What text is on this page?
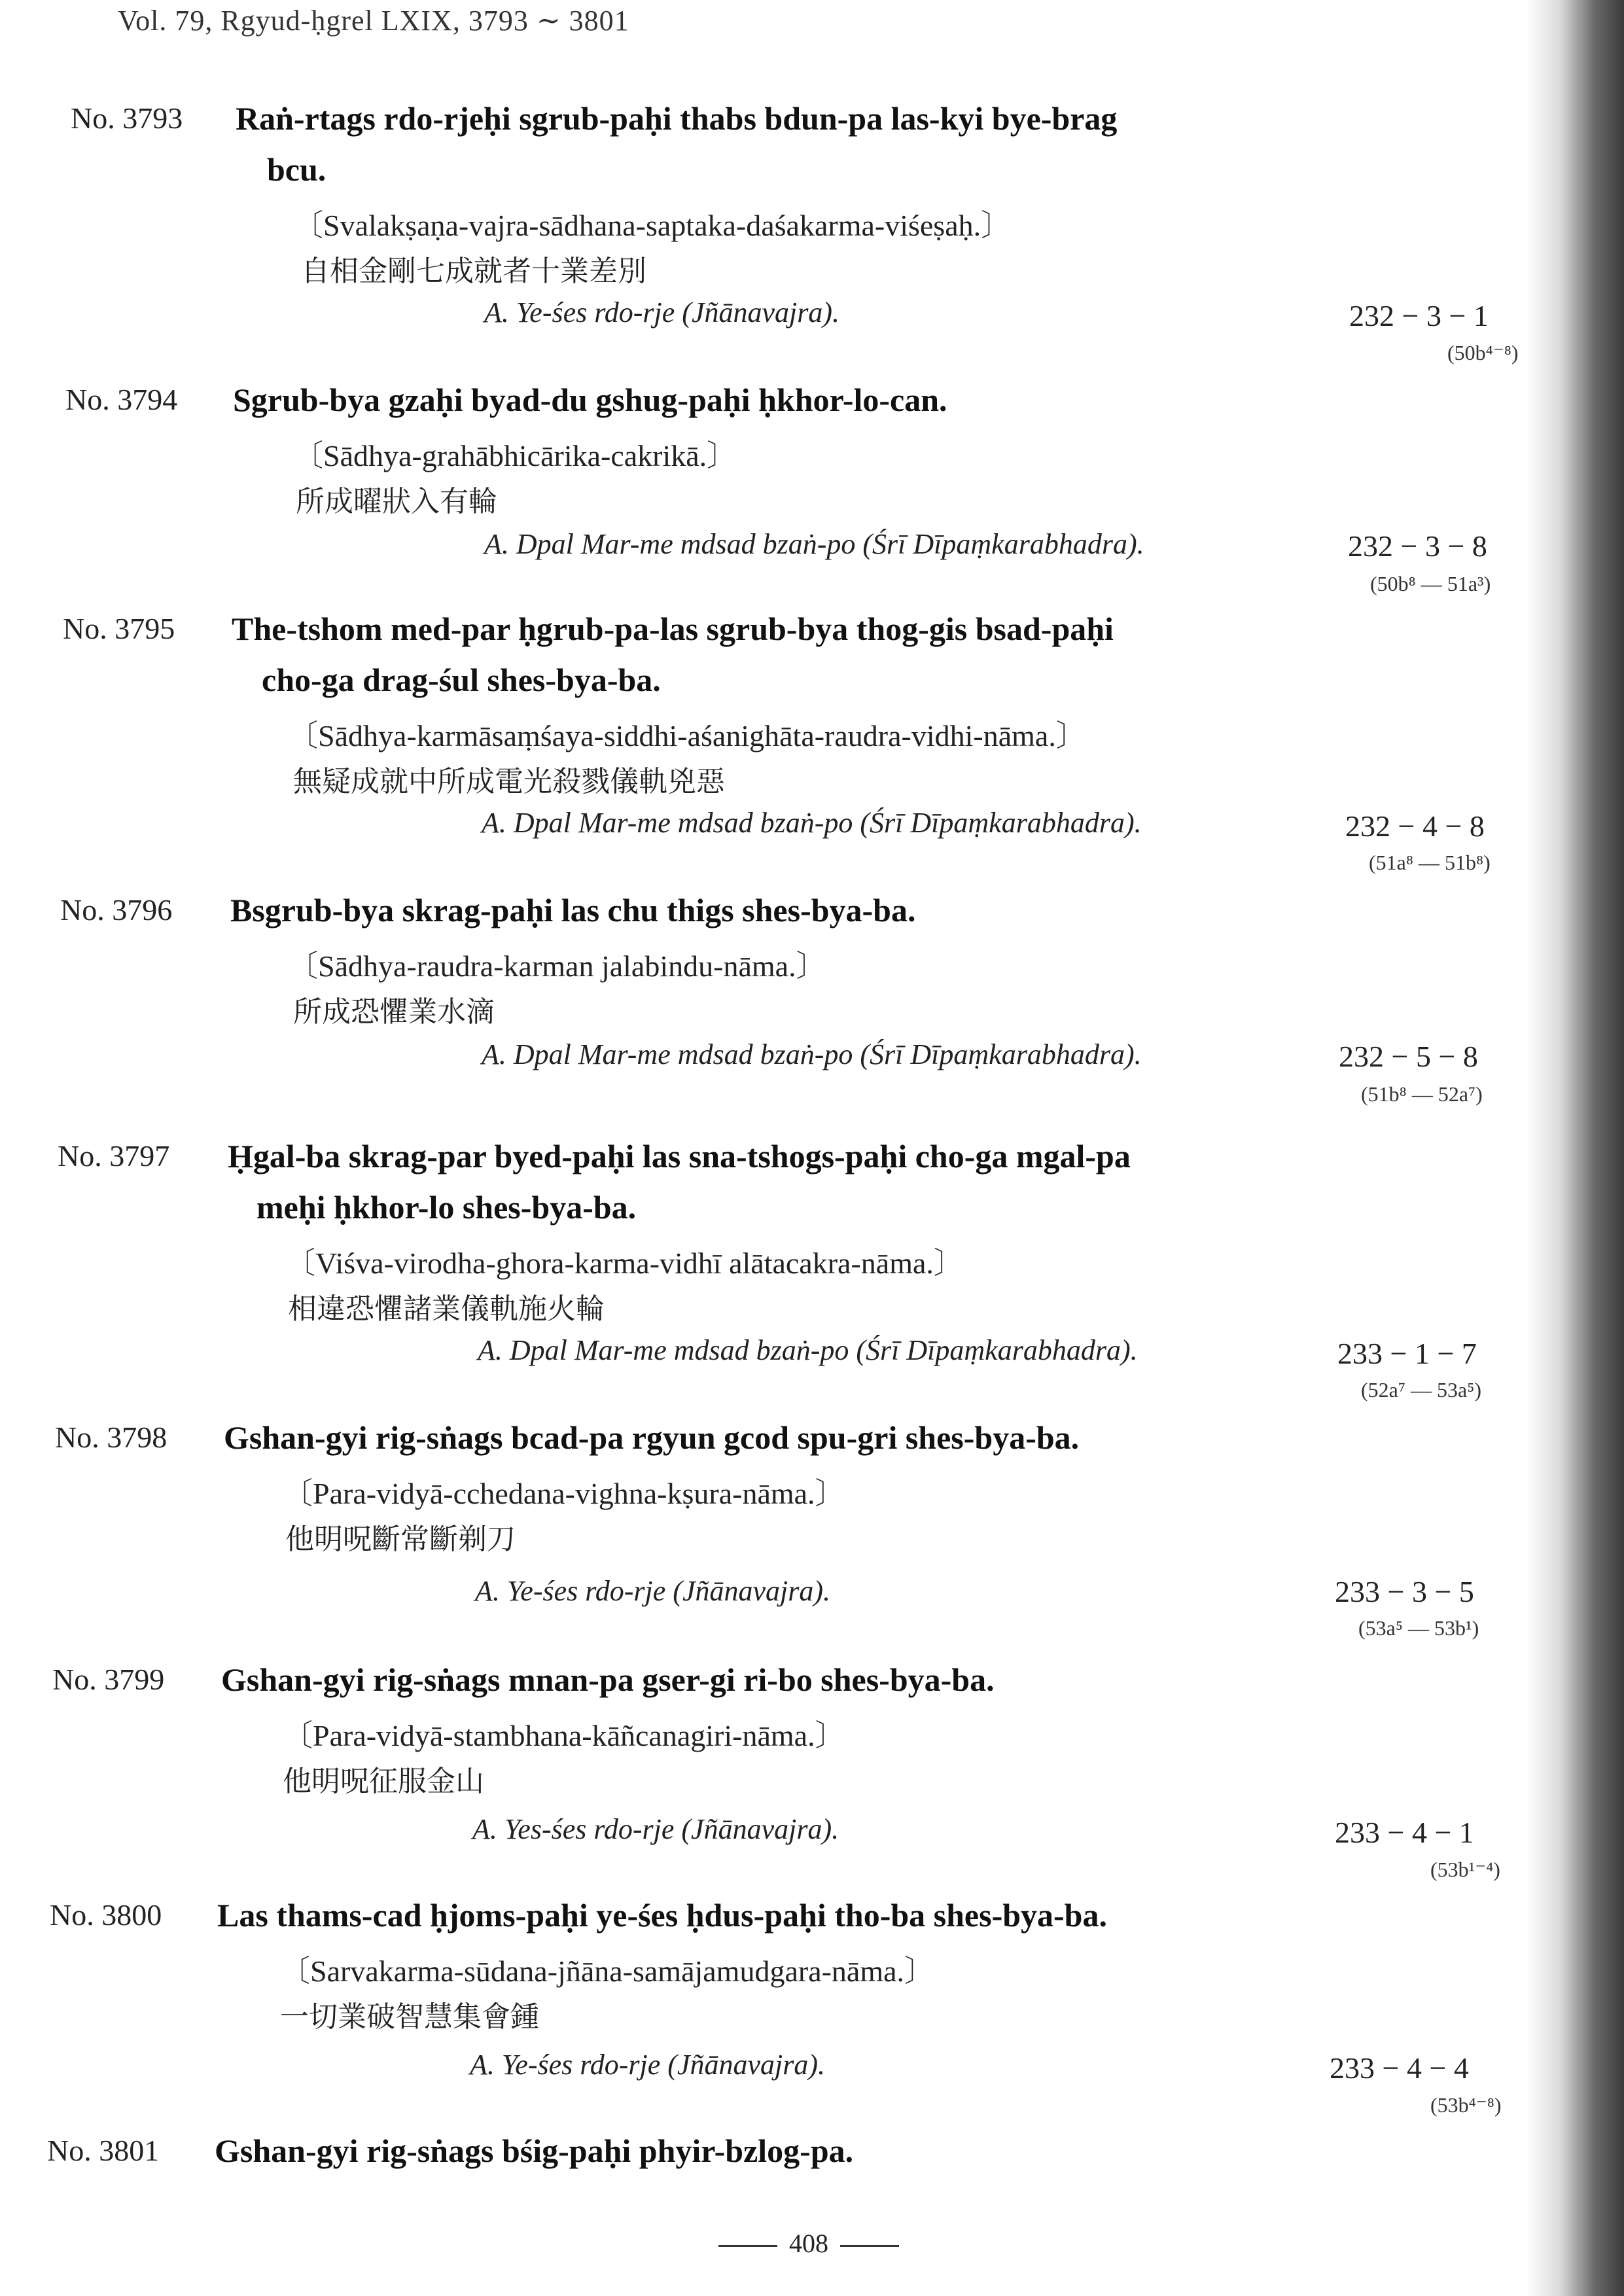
Vol. 79, Rgyud-ḥgrel LXIX, 3793 ∼ 3801
No. 3793 Raṅ-rtags rdo-rjeḥi sgrub-paḥi thabs bdun-pa las-kyi bye-brag
bcu.
〔Svalakṣaṇa-vajra-sādhana-saptaka-daśakarma-viśeṣaḥ.〕
自相金剛七成就者十業差別
A. Ye-śes rdo-rje (Jñānavajra).	232 − 3 − 1
(50b⁴⁻⁸)
No. 3794 Sgrub-bya gzaḥi byad-du gshug-paḥi ḥkhor-lo-can.
〔Sādhya-grahābhicārika-cakrikā.〕
所成曜狀入有輪
A. Dpal Mar-me mdsad bzaṅ-po (Śrī Dīpaṃkarabhadra).	232 − 3 − 8
(50b⁸ — 51a³)
No. 3795 The-tshom med-par ḥgrub-pa-las sgrub-bya thog-gis bsad-paḥi
cho-ga drag-śul shes-bya-ba.
〔Sādhya-karmāsaṃśaya-siddhi-aśanighāta-raudra-vidhi-nāma.〕
無疑成就中所成電光殺戮儀軌兇惡
A. Dpal Mar-me mdsad bzaṅ-po (Śrī Dīpaṃkarabhadra).	232 − 4 − 8
(51a⁸ — 51b⁸)
No. 3796 Bsgrub-bya skrag-paḥi las chu thigs shes-bya-ba.
〔Sādhya-raudra-karman jalabindu-nāma.〕
所成恐懼業水滴
A. Dpal Mar-me mdsad bzaṅ-po (Śrī Dīpaṃkarabhadra).	232 − 5 − 8
(51b⁸ — 52a⁷)
No. 3797 Ḥgal-ba skrag-par byed-paḥi las sna-tshogs-paḥi cho-ga mgal-pa
meḥi ḥkhor-lo shes-bya-ba.
〔Viśva-virodha-ghora-karma-vidhī alātacakra-nāma.〕
相違恐懼諸業儀軌施火輪
A. Dpal Mar-me mdsad bzaṅ-po (Śrī Dīpaṃkarabhadra).	233 − 1 − 7
(52a⁷ — 53a⁵)
No. 3798 Gshan-gyi rig-sṅags bcad-pa rgyun gcod spu-gri shes-bya-ba.
〔Para-vidyā-cchedana-vighna-kṣura-nāma.〕
他明呪斷常斷剃刀
A. Ye-śes rdo-rje (Jñānavajra).	233 − 3 − 5
(53a⁵ — 53b¹)
No. 3799 Gshan-gyi rig-sṅags mnan-pa gser-gi ri-bo shes-bya-ba.
〔Para-vidyā-stambhana-kāñcanagiri-nāma.〕
他明呪征服金山
A. Yes-śes rdo-rje (Jñānavajra).	233 − 4 − 1
(53b¹⁻⁴)
No. 3800 Las thams-cad ḥjoms-paḥi ye-śes ḥdus-paḥi tho-ba shes-bya-ba.
〔Sarvakarma-sūdana-jñāna-samājamudgara-nāma.〕
一切業破智慧集會鍾
A. Ye-śes rdo-rje (Jñānavajra).	233 − 4 − 4
(53b⁴⁻⁸)
No. 3801 Gshan-gyi rig-sṅags bśig-paḥi phyir-bzlog-pa.
408
